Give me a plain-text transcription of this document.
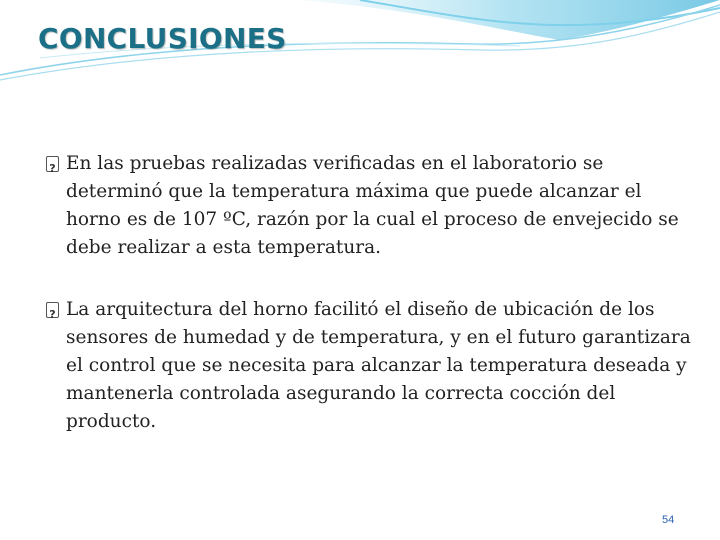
CONCLUSIONES
?
En las pruebas realizadas verificadas en el laboratorio se determinó que la temperatura máxima que puede alcanzar el horno es de 107 ºC, razón por la cual el proceso de envejecido se debe realizar a esta temperatura.
?
La arquitectura del horno facilitó el diseño de ubicación de los sensores de humedad y de temperatura, y en el futuro garantizara el control que se necesita para alcanzar la temperatura deseada y mantenerla controlada asegurando la correcta cocción del producto.
54
